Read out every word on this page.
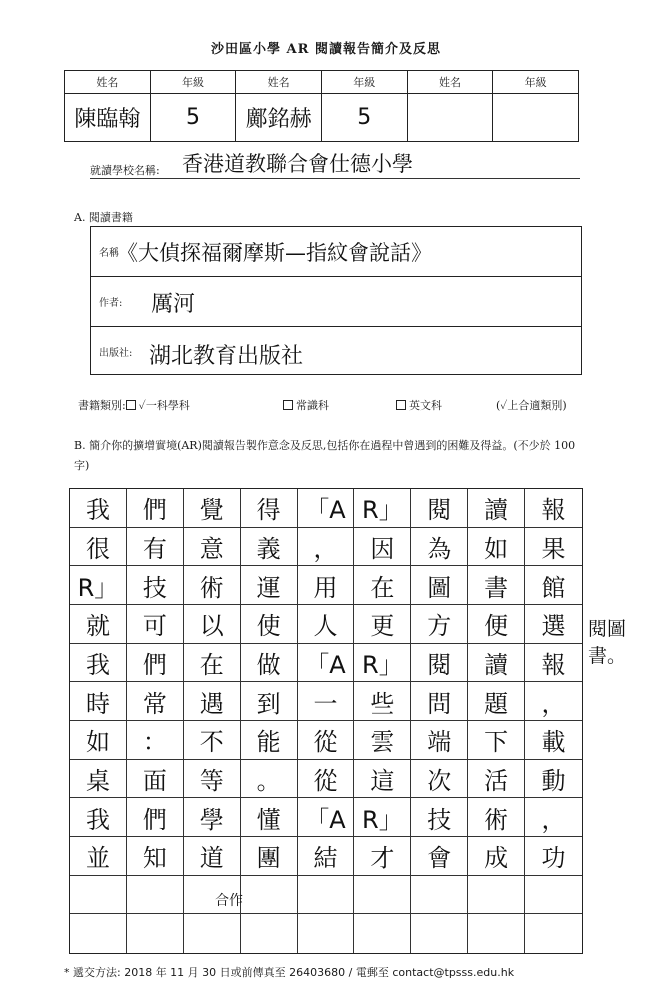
沙田區小學 AR 閱讀報告簡介及反思
姓名	年級	姓名	年級	姓名	年級
陳臨翰	5	鄺銘赫	5		
就讀學校名稱: 香港道教聯合會仕德小學
A. 閱讀書籍
名稱
《大偵探福爾摩斯—指紋會說話》
作者: 厲河
出版社: 湖北教育出版社
書籍類別: ✓一科學科	常識科	英文科	(✓上合適類別)
B. 簡介你的擴增實境(AR)閱讀報告製作意念及反思,包括你在過程中曾遇到的困難及得益。(不少於 100 字)
我	們	覺	得	「A R」	閱	讀	報
很	有	意	義	，	因	為	如	果
R」	技	術	運	用	在	圖	書	館
就	可	以	使	人	更	方	便	選
我	們	在	做	「A R」	閱	讀	報
時	常	遇	到	一	些	問	題	，
如	：	不	能	從	雲	端	下	載
桌	面	等	。	從	這	次	活	動
我	們	學	懂	「A R」	技	術	，
並	知	道	團	結	才	會	成	功
閱圖書。
合作
* 遞交方法: 2018 年 11 月 30 日或前傳真至 26403680 / 電郵至 contact@tpsss.edu.hk
